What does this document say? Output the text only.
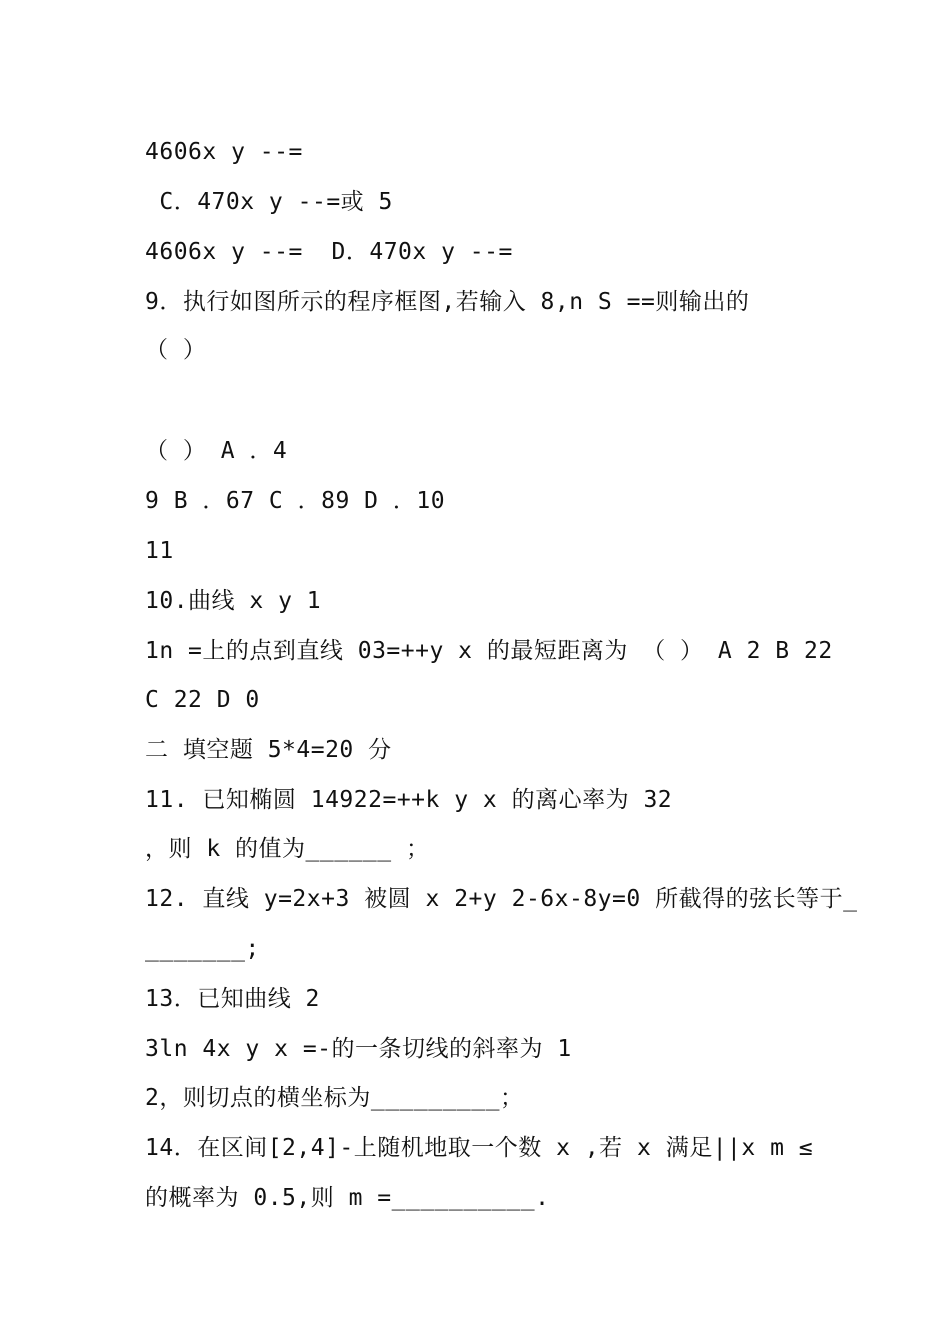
4606x y --=
C．470x y --=或 5
4606x y --=  D．470x y --=
9．执行如图所示的程序框图,若输入 8,n S ==则输出的
（ ）
（ ） A ．4
9 B ．67 C ．89 D ．10
11
10.曲线 x y 1
1n =上的点到直线 03=++y x 的最短距离为 （ ） A 2 B 22
C 22 D 0
二 填空题 5*4=20 分
11. 已知椭圆 14922=++k y x 的离心率为 32
，则 k 的值为______ ；
12. 直线 y=2x+3 被圆 x 2+y 2-6x-8y=0 所截得的弦长等于_
_______;
13．已知曲线 2
3ln 4x y x =-的一条切线的斜率为 1
2，则切点的横坐标为_________；
14．在区间[2,4]-上随机地取一个数 x ,若 x 满足||x m ≤
的概率为 0.5,则 m =__________.
